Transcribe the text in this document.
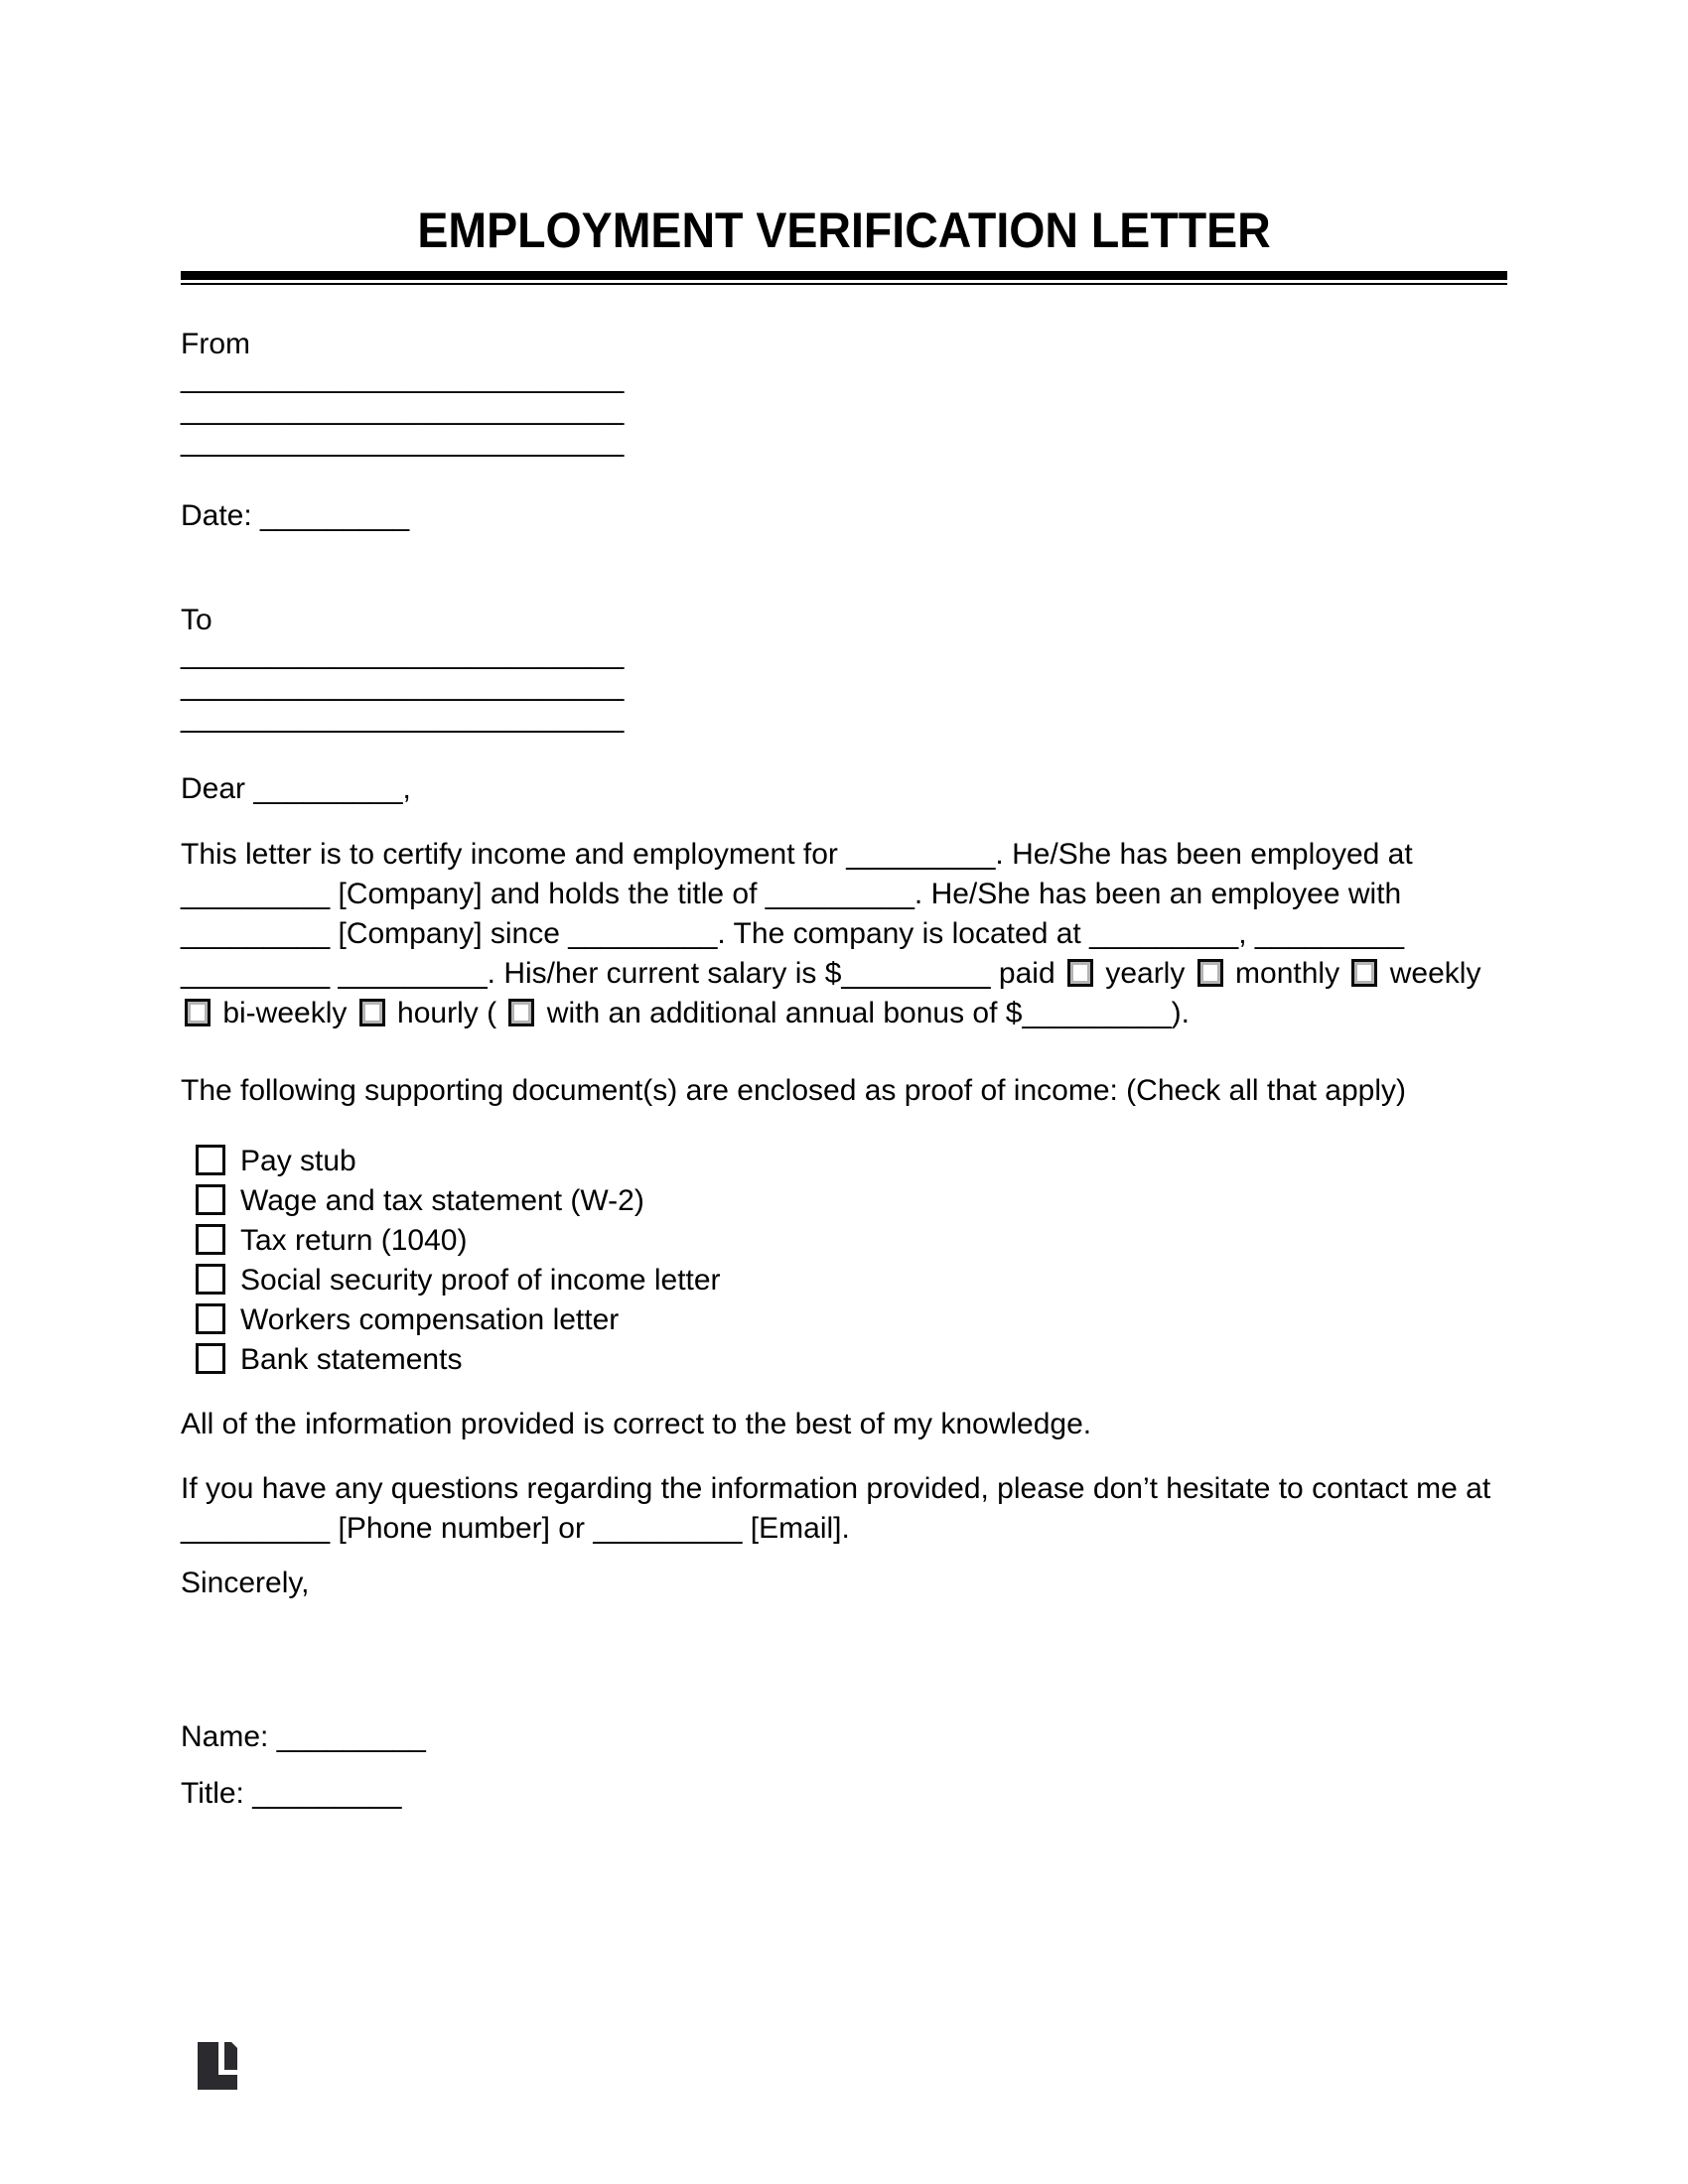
EMPLOYMENT VERIFICATION LETTER
From
__________________________
__________________________
__________________________
Date: _________
To
__________________________
__________________________
__________________________
Dear _________,
This letter is to certify income and employment for _________. He/She has been employed at
_________ [Company] and holds the title of _________. He/She has been an employee with
_________ [Company] since _________. The company is located at _________, _________
_________ _________. His/her current salary is $_________ paid  yearly  monthly  weekly
bi-weekly  hourly (  with an additional annual bonus of $_________).
The following supporting document(s) are enclosed as proof of income: (Check all that apply)
Pay stub
Wage and tax statement (W-2)
Tax return (1040)
Social security proof of income letter
Workers compensation letter
Bank statements
All of the information provided is correct to the best of my knowledge.
If you have any questions regarding the information provided, please don’t hesitate to contact me at
_________ [Phone number] or _________ [Email].
Sincerely,
Name: _________
Title: _________
